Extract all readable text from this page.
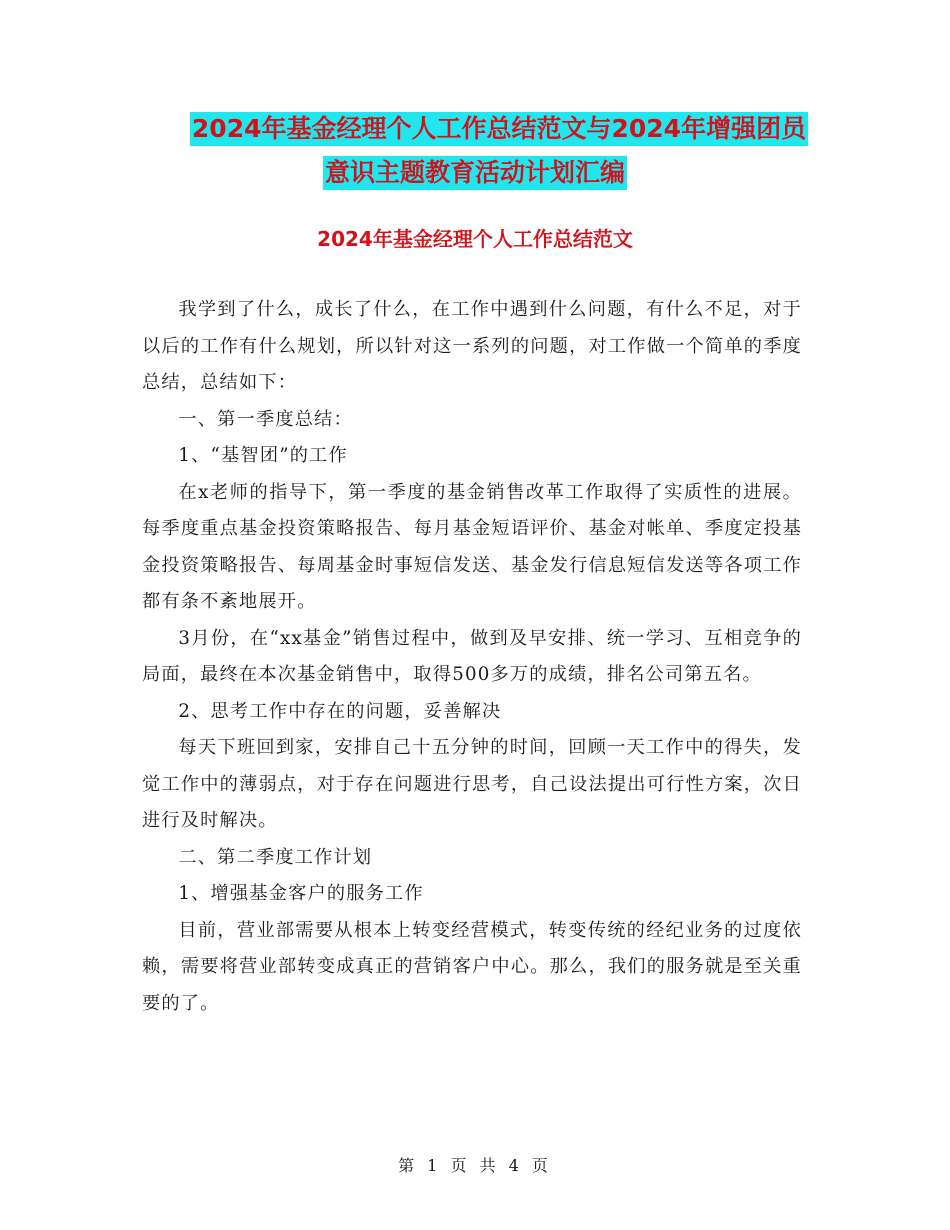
2024年基金经理个人工作总结范文与2024年增强团员
意识主题教育活动计划汇编
2024年基金经理个人工作总结范文

我学到了什么，成长了什么，在工作中遇到什么问题，有什么不足，对于以后的工作有什么规划，所以针对这一系列的问题，对工作做一个简单的季度总结，总结如下：

一、第一季度总结：

1、“基智团”的工作

在x老师的指导下，第一季度的基金销售改革工作取得了实质性的进展。每季度重点基金投资策略报告、每月基金短语评价、基金对帐单、季度定投基金投资策略报告、每周基金时事短信发送、基金发行信息短信发送等各项工作都有条不紊地展开。

3月份，在“xx基金”销售过程中，做到及早安排、统一学习、互相竞争的局面，最终在本次基金销售中，取得500多万的成绩，排名公司第五名。

2、思考工作中存在的问题，妥善解决

每天下班回到家，安排自己十五分钟的时间，回顾一天工作中的得失，发觉工作中的薄弱点，对于存在问题进行思考，自己设法提出可行性方案，次日进行及时解决。

二、第二季度工作计划

1、增强基金客户的服务工作

目前，营业部需要从根本上转变经营模式，转变传统的经纪业务的过度依赖，需要将营业部转变成真正的营销客户中心。那么，我们的服务就是至关重要的了。

第 1 页 共 4 页
